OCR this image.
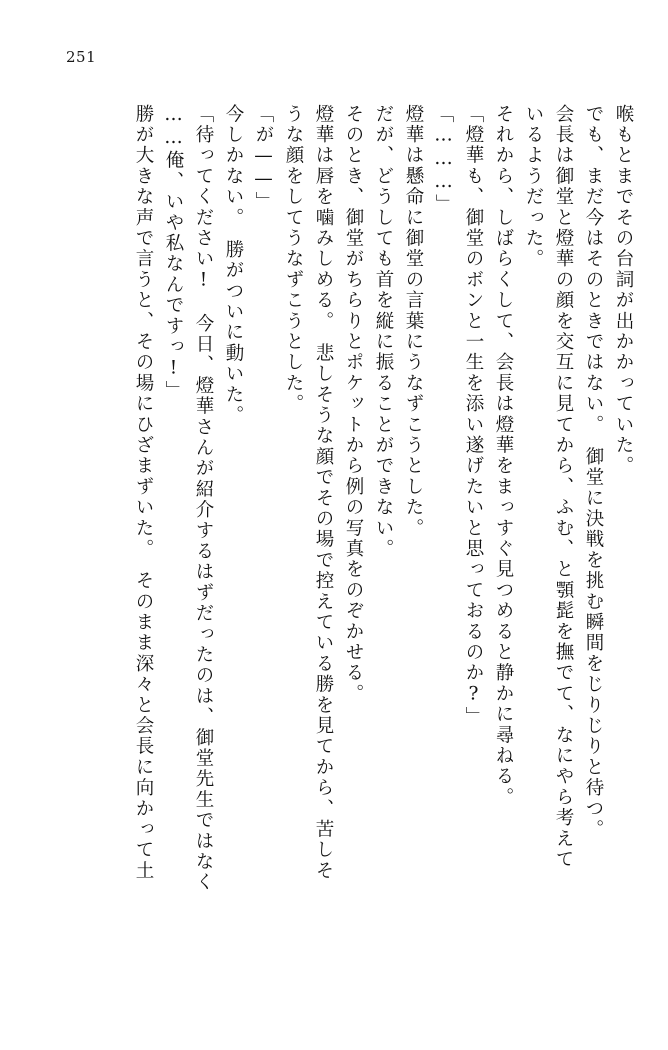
251
喉もとまでその台詞が出かかっていた。
でも、まだ今はそのときではない。　御堂に決戦を挑む瞬間をじりじりと待つ。
会長は御堂と燈華の顔を交互に見てから、ふむ、と顎髭を撫でて、なにやら考えて
いるようだった。
それから、しばらくして、会長は燈華をまっすぐ見つめると静かに尋ねる。
「燈華も、御堂のボンと一生を添い遂げたいと思っておるのか?」
「………」
燈華は懸命に御堂の言葉にうなずこうとした。
だが、どうしても首を縦に振ることができない。
そのとき、御堂がちらりとポケットから例の写真をのぞかせる。
燈華は唇を噛みしめる。　悲しそうな顔でその場で控えている勝を見てから、苦しそ
うな顔をしてうなずこうとした。
「が——」
今しかない。　勝がついに動いた。
「待ってください!　今日、燈華さんが紹介するはずだったのは、御堂先生ではなく
……俺、いや私なんですっ!」
勝が大きな声で言うと、その場にひざまずいた。　そのまま深々と会長に向かって土
